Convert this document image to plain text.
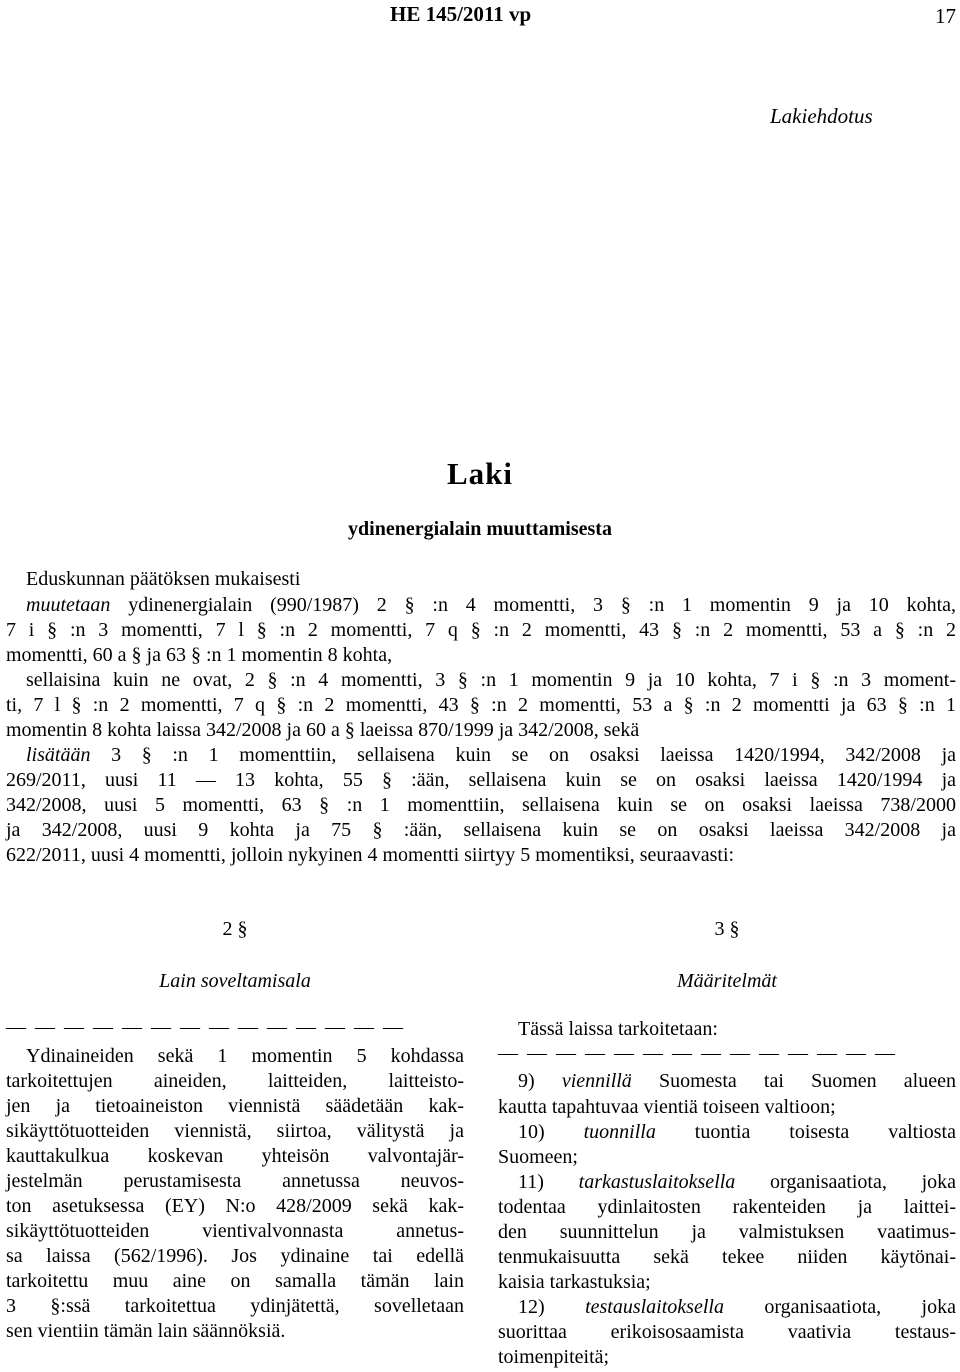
HE 145/2011 vp	17
Lakiehdotus
Laki
ydinenergialain muuttamisesta
Eduskunnan päätöksen mukaisesti
muutetaan ydinenergialain (990/1987) 2 § :n 4 momentti, 3 § :n 1 momentin 9 ja 10 kohta,
7 i § :n 3 momentti, 7 l § :n 2 momentti, 7 q § :n 2 momentti, 43 § :n 2 momentti, 53 a § :n 2
momentti, 60 a § ja 63 § :n 1 momentin 8 kohta,
sellaisina kuin ne ovat, 2 § :n 4 momentti, 3 § :n 1 momentin 9 ja 10 kohta, 7 i § :n 3 moment-
ti, 7 l § :n 2 momentti, 7 q § :n 2 momentti, 43 § :n 2 momentti, 53 a § :n 2 momentti ja 63 § :n 1
momentin 8 kohta laissa 342/2008 ja 60 a § laeissa 870/1999 ja 342/2008, sekä
lisätään 3 § :n 1 momenttiin, sellaisena kuin se on osaksi laeissa 1420/1994, 342/2008 ja
269/2011, uusi 11 — 13 kohta, 55 § :ään, sellaisena kuin se on osaksi laeissa 1420/1994 ja
342/2008, uusi 5 momentti, 63 § :n 1 momenttiin, sellaisena kuin se on osaksi laeissa 738/2000
ja 342/2008, uusi 9 kohta ja 75 § :ään, sellaisena kuin se on osaksi laeissa 342/2008 ja
622/2011, uusi 4 momentti, jolloin nykyinen 4 momentti siirtyy 5 momentiksi, seuraavasti:
2 §
Lain soveltamisala
— — — — — — — — — — — — — —
Ydinaineiden sekä 1 momentin 5 kohdassa
tarkoitettujen aineiden, laitteiden, laitteisto-
jen ja tietoaineiston viennistä säädetään kak-
sikäyttötuotteiden viennistä, siirtoa, välitystä ja
kauttakulkua koskevan yhteisön valvontajär-
jestelmän perustamisesta annetussa neuvos-
ton asetuksessa (EY) N:o 428/2009 sekä kak-
sikäyttötuotteiden vientivalvonnasta annetus-
sa laissa (562/1996). Jos ydinaine tai edellä
tarkoitettu muu aine on samalla tämän lain
3 §:ssä tarkoitettua ydinjätettä, sovelletaan
sen vientiin tämän lain säännöksiä.
3 §
Määritelmät
Tässä laissa tarkoitetaan:
— — — — — — — — — — — — — —
9) viennillä Suomesta tai Suomen alueen
kautta tapahtuvaa vientiä toiseen valtioon;
10) tuonnilla tuontia toisesta valtiosta
Suomeen;
11) tarkastuslaitoksella organisaatiota, joka
todentaa ydinlaitosten rakenteiden ja laittei-
den suunnittelun ja valmistuksen vaatimus-
tenmukaisuutta sekä tekee niiden käytönai-
kaisia tarkastuksia;
12) testauslaitoksella organisaatiota, joka
suorittaa erikoisosaamista vaativia testaus-
toimenpiteitä;
